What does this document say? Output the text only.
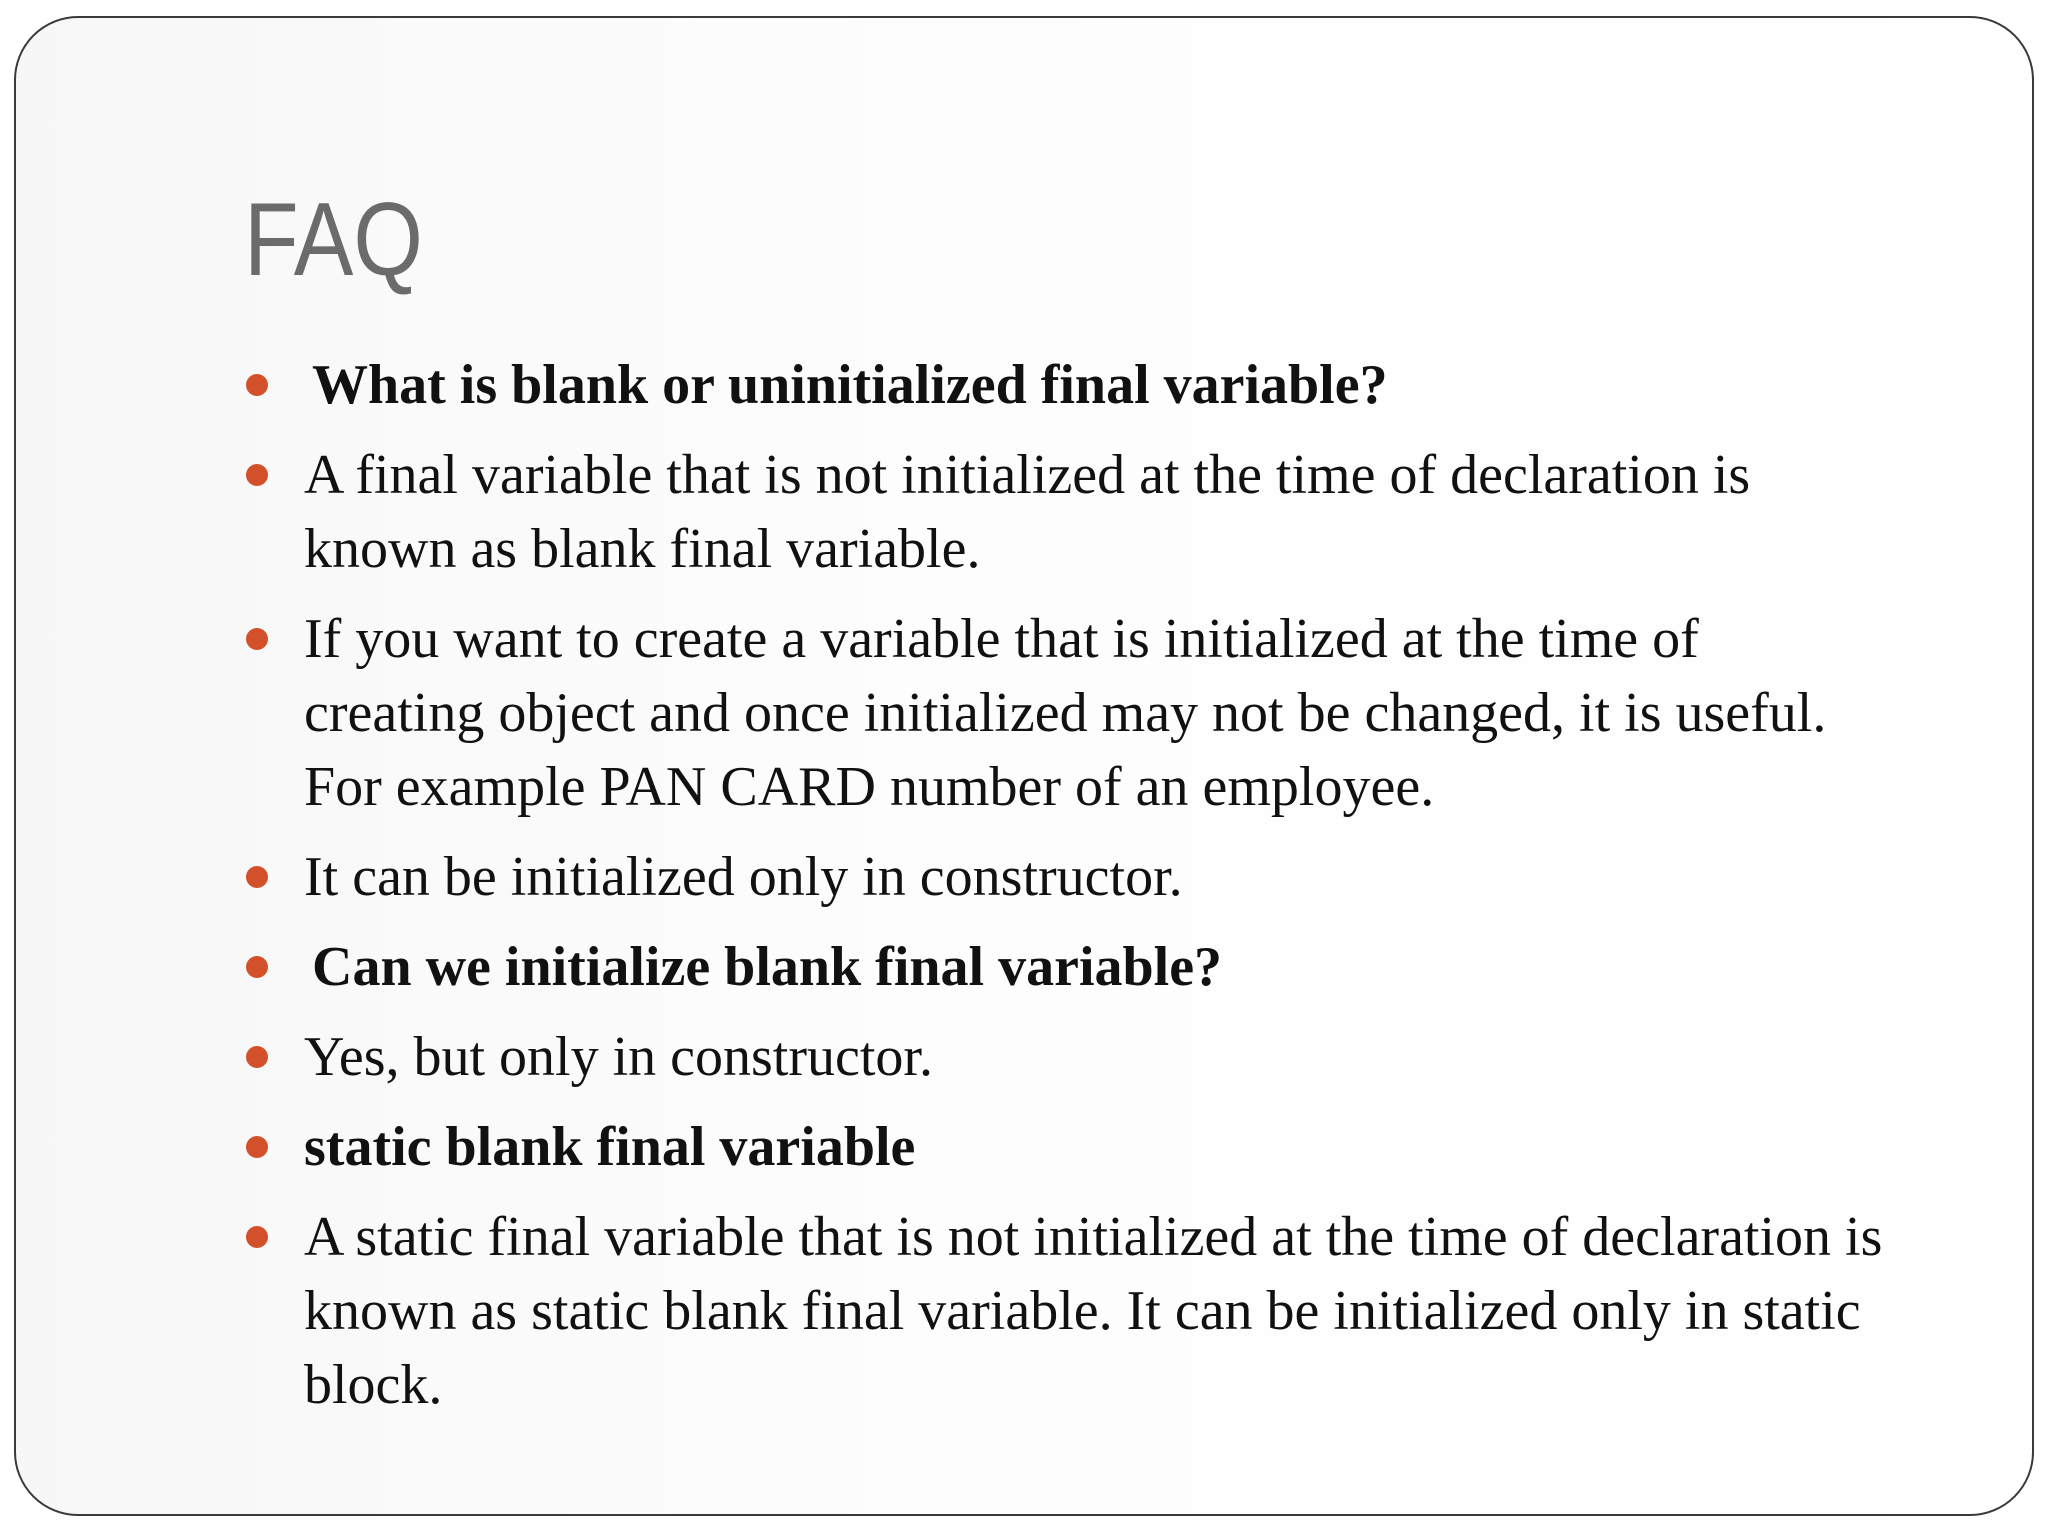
FAQ
What is blank or uninitialized final variable?
A final variable that is not initialized at the time of declaration is known as blank final variable.
If you want to create a variable that is initialized at the time of creating object and once initialized may not be changed, it is useful. For example PAN CARD number of an employee.
It can be initialized only in constructor.
Can we initialize blank final variable?
Yes, but only in constructor.
static blank final variable
A static final variable that is not initialized at the time of declaration is known as static blank final variable. It can be initialized only in static block.
